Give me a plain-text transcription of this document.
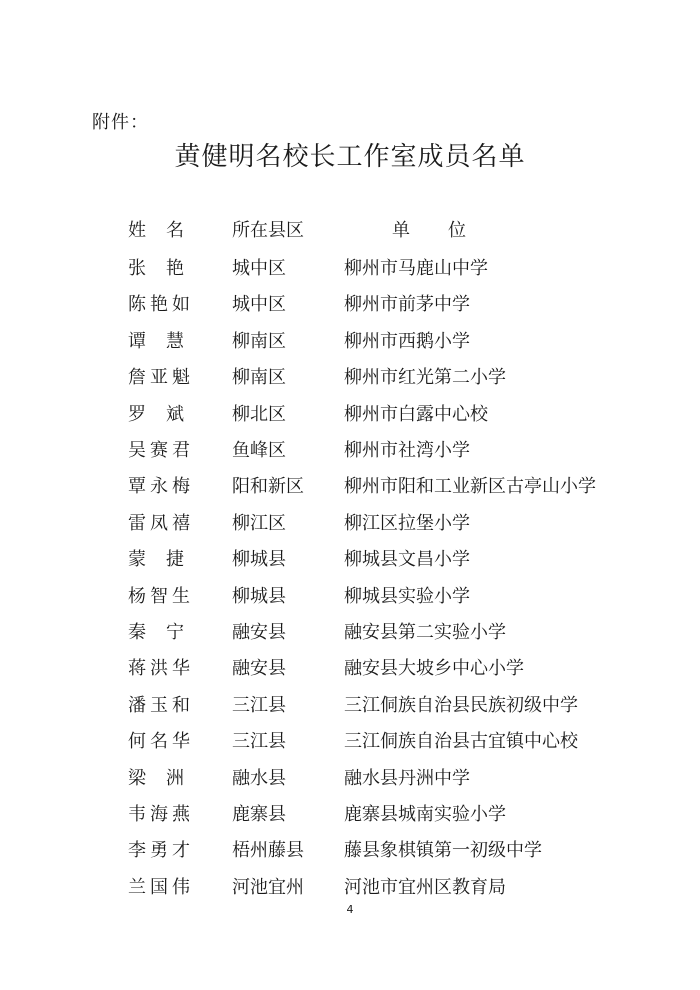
附件：
黄健明名校长工作室成员名单
姓名	所在县区	单位
张艳	城中区	柳州市马鹿山中学
陈艳如 城中区	柳州市前茅中学
谭慧	柳南区	柳州市西鹅小学
詹亚魁 柳南区	柳州市红光第二小学
罗斌	柳北区	柳州市白露中心校
吴赛君 鱼峰区	柳州市社湾小学
覃永梅 阳和新区 柳州市阳和工业新区古亭山小学
雷凤禧 柳江区	柳江区拉堡小学
蒙捷	柳城县	柳城县文昌小学
杨智生 柳城县	柳城县实验小学
秦宁	融安县	融安县第二实验小学
蒋洪华 融安县	融安县大坡乡中心小学
潘玉和 三江县	三江侗族自治县民族初级中学
何名华 三江县	三江侗族自治县古宜镇中心校
梁洲	融水县	融水县丹洲中学
韦海燕 鹿寨县	鹿寨县城南实验小学
李勇才 梧州藤县 藤县象棋镇第一初级中学
兰国伟 河池宜州 河池市宜州区教育局
4
